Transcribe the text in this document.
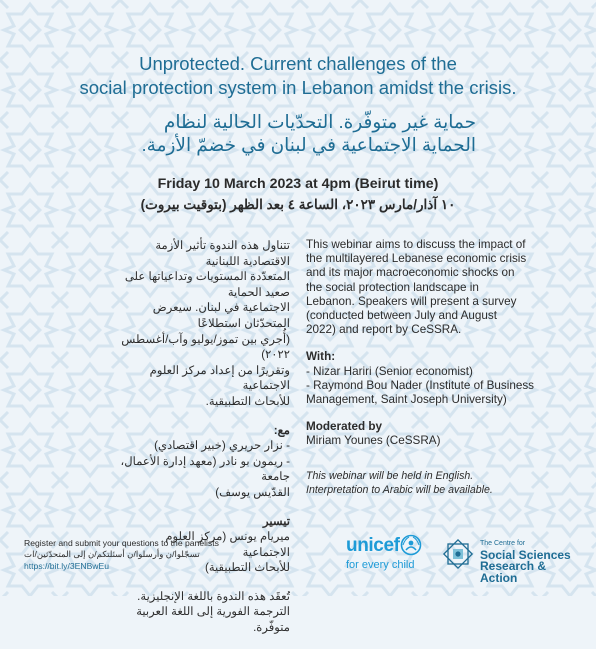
Unprotected. Current challenges of the
social protection system in Lebanon amidst the crisis.
حماية غير متوفّرة. التحدّيات الحالية لنظام
الحماية الاجتماعية في لبنان في خضمّ الأزمة.
Friday 10 March 2023 at 4pm (Beirut time)
١٠ آذار/مارس ٢٠٢٣، الساعة ٤ بعد الظهر (بتوقيت بيروت)
This webinar aims to discuss the impact of
the multilayered Lebanese economic crisis
and its major macroeconomic shocks on
the social protection landscape in
Lebanon. Speakers will present a survey
(conducted between July and August
2022) and report by CeSSRA.
With:
- Nizar Hariri (Senior economist)
- Raymond Bou Nader (Institute of Business
Management, Saint Joseph University)
Moderated by
Miriam Younes (CeSSRA)
This webinar will be held in English.
Interpretation to Arabic will be available.
تتناول هذه الندوة تأثير الأزمة الاقتصادية اللبنانية
المتعدّدة المستويات وتداعياتها على صعيد الحماية
الاجتماعية في لبنان. سيعرض المتحدّثان استطلاعًا
(أُجري بين تموز/يوليو وآب/أغسطس ٢٠٢٢)
وتقريرًا من إعداد مركز العلوم الاجتماعية
للأبحاث التطبيقية.
مع:
- نزار حريري (خبير اقتصادي)
- ريمون بو نادر (معهد إدارة الأعمال، جامعة
القدّيس يوسف)
تيسير
ميريام يونس (مركز العلوم الاجتماعية
للأبحاث التطبيقية)
تُعقَد هذه الندوة باللغة الإنجليزية.
الترجمة الفورية إلى اللغة العربية متوفّرة.
Register and submit your questions to the panelists
تسجّلوا/ن وأرسلوا/ن أسئلتكم/ن إلى المتحدّثين/ات
https://bit.ly/3ENBwEu
unicef
for every child
The Centre for
Social Sciences
Research & Action
